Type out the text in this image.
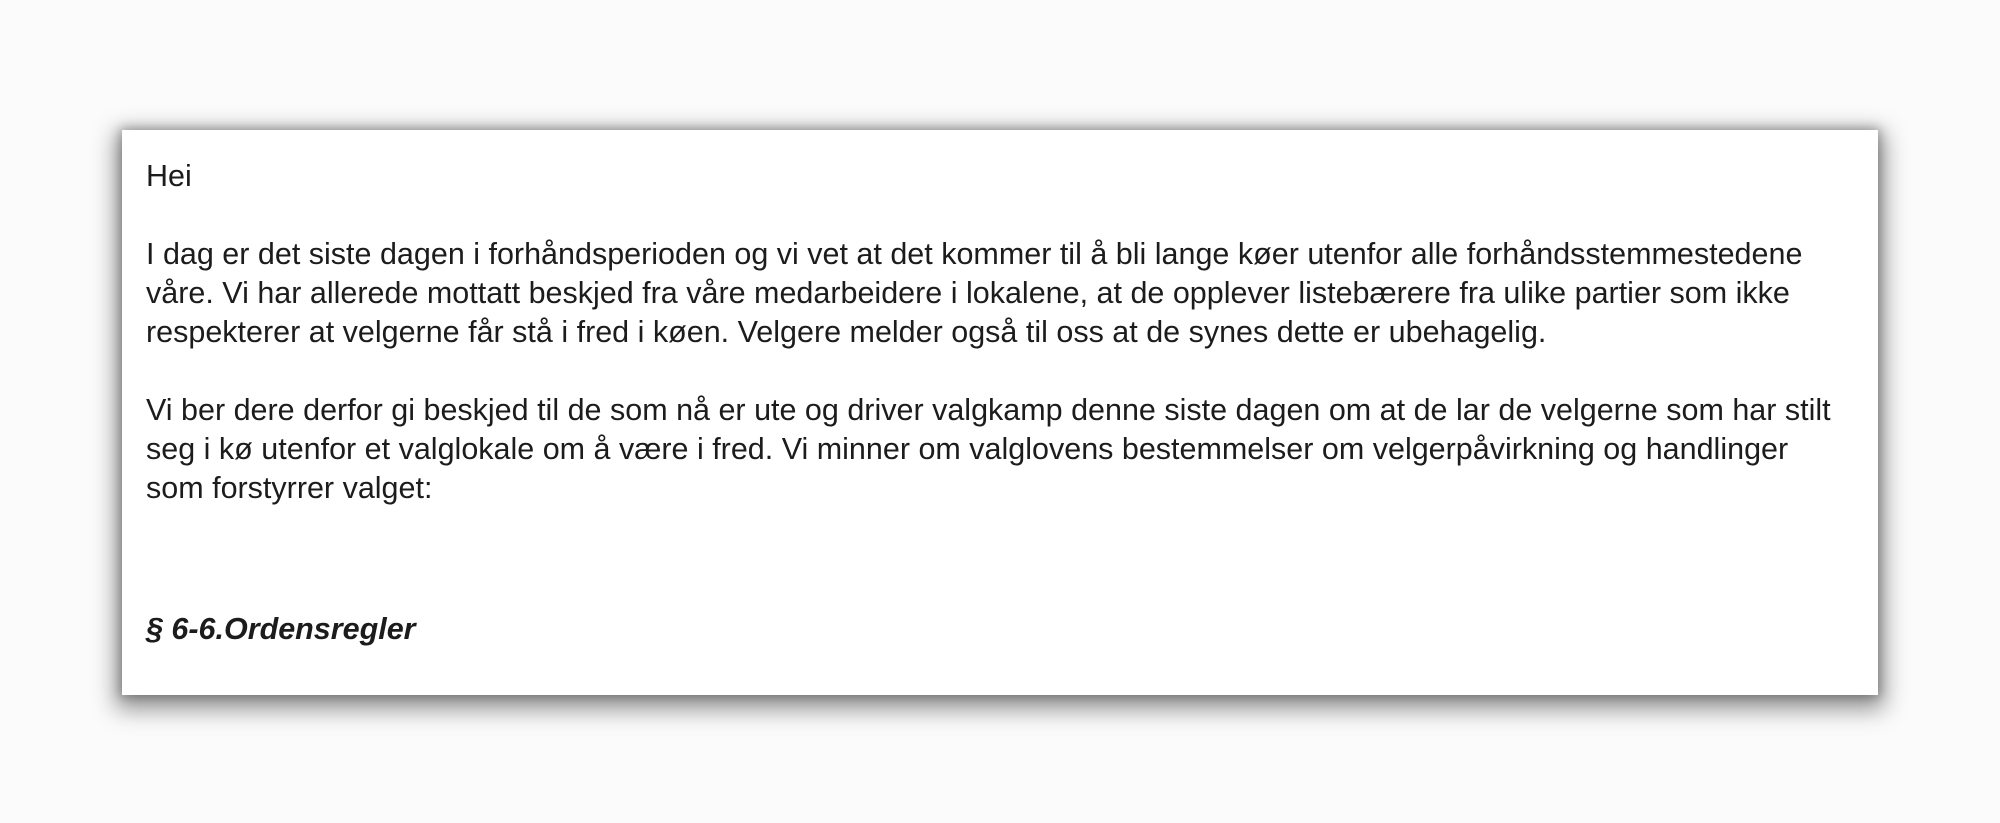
Hei

I dag er det siste dagen i forhåndsperioden og vi vet at det kommer til å bli lange køer utenfor alle forhåndsstemmestedene våre. Vi har allerede mottatt beskjed fra våre medarbeidere i lokalene, at de opplever listebærere fra ulike partier som ikke respekterer at velgerne får stå i fred i køen. Velgere melder også til oss at de synes dette er ubehagelig.

Vi ber dere derfor gi beskjed til de som nå er ute og driver valgkamp denne siste dagen om at de lar de velgerne som har stilt seg i kø utenfor et valglokale om å være i fred. Vi minner om valglovens bestemmelser om velgerpåvirkning og handlinger som forstyrrer valget:

§ 6-6.Ordensregler
